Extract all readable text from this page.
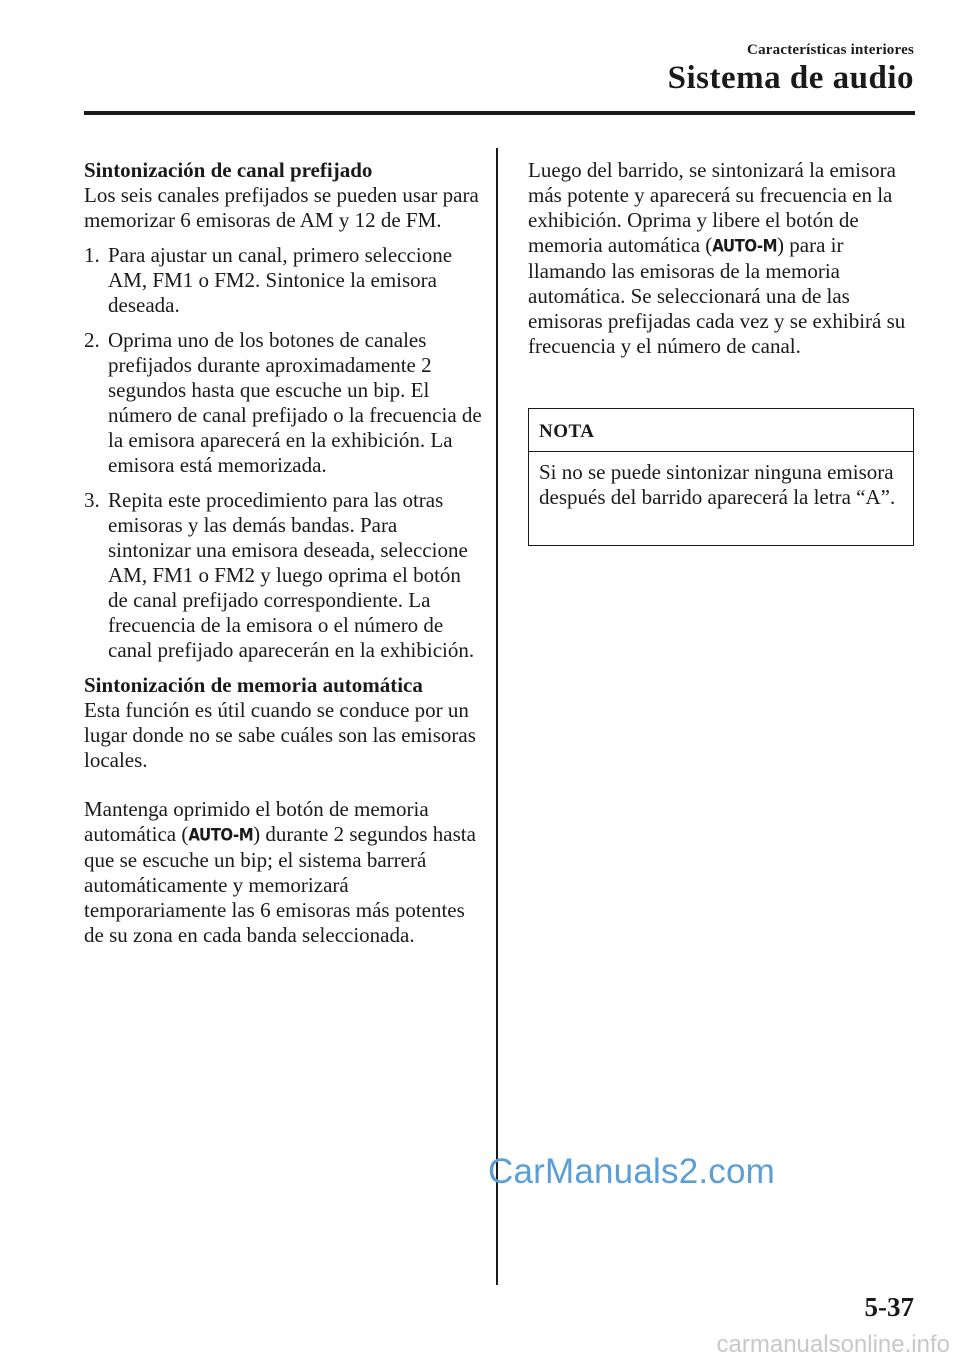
Características interiores
Sistema de audio

Sintonización de canal prefijado

Los seis canales prefijados se pueden usar para memorizar 6 emisoras de AM y 12 de FM.

1. Para ajustar un canal, primero seleccione AM, FM1 o FM2. Sintonice la emisora deseada.
2. Oprima uno de los botones de canales prefijados durante aproximadamente 2 segundos hasta que escuche un bip. El número de canal prefijado o la frecuencia de la emisora aparecerá en la exhibición. La emisora está memorizada.
3. Repita este procedimiento para las otras emisoras y las demás bandas. Para sintonizar una emisora deseada, seleccione AM, FM1 o FM2 y luego oprima el botón de canal prefijado correspondiente. La frecuencia de la emisora o el número de canal prefijado aparecerán en la exhibición.

Sintonización de memoria automática

Esta función es útil cuando se conduce por un lugar donde no se sabe cuáles son las emisoras locales.

Mantenga oprimido el botón de memoria automática (AUTO-M) durante 2 segundos hasta que se escuche un bip; el sistema barrerá automáticamente y memorizará temporariamente las 6 emisoras más potentes de su zona en cada banda seleccionada.

Luego del barrido, se sintonizará la emisora más potente y aparecerá su frecuencia en la exhibición. Oprima y libere el botón de memoria automática (AUTO-M) para ir llamando las emisoras de la memoria automática. Se seleccionará una de las emisoras prefijadas cada vez y se exhibirá su frecuencia y el número de canal.

NOTA
Si no se puede sintonizar ninguna emisora después del barrido aparecerá la letra “A”.
CarManuals2.com
5-37
carmanualsonline.info
